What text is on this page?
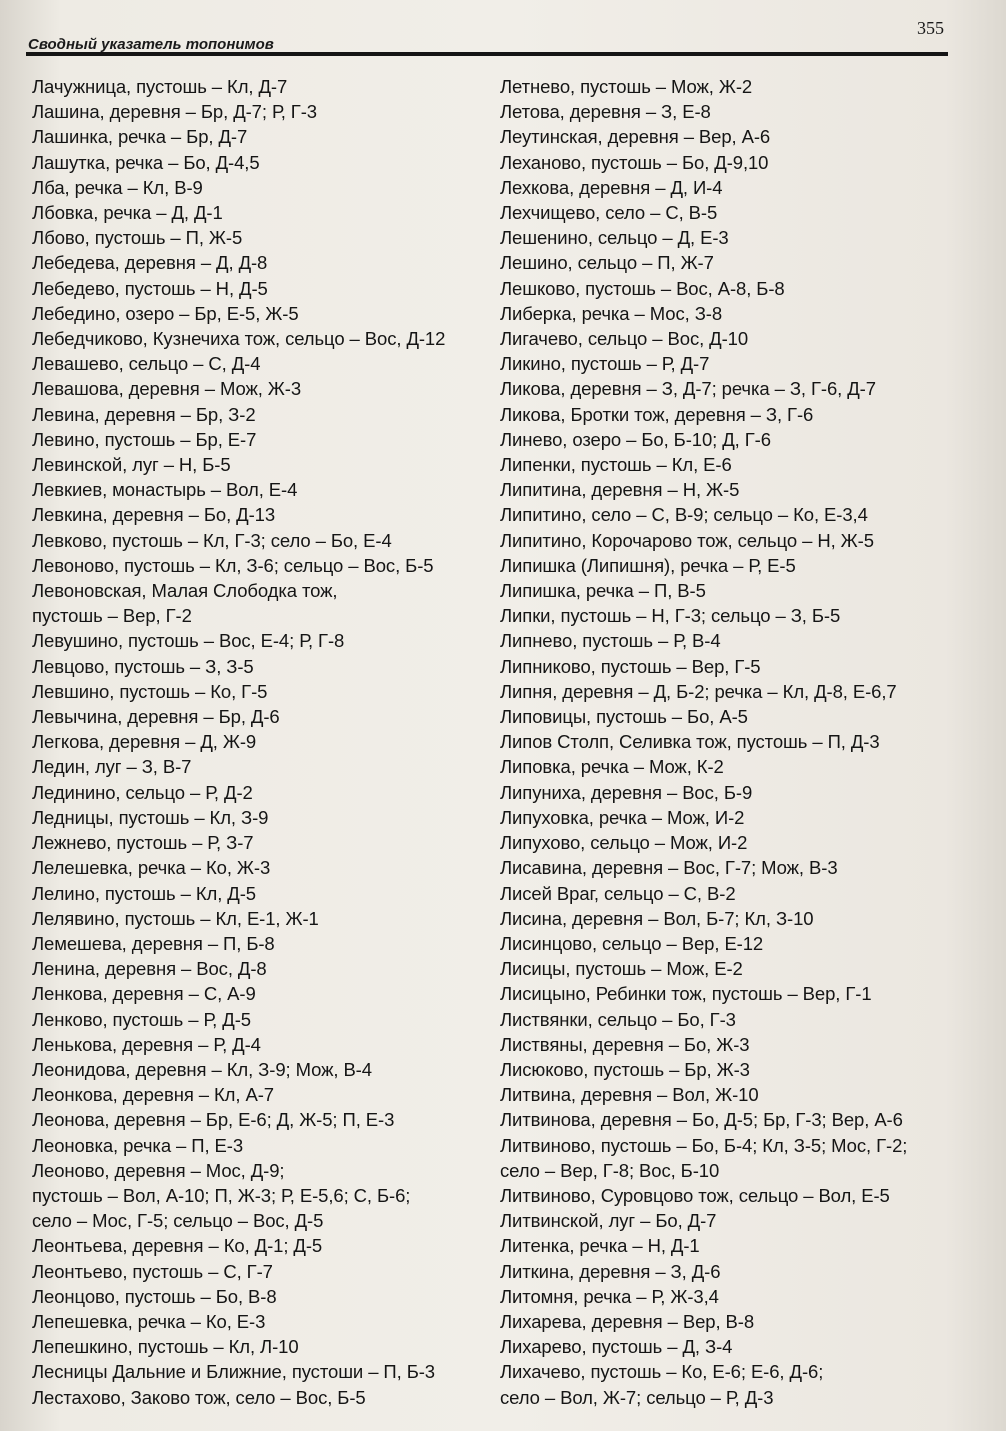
Сводный указатель топонимов
355
Лачужница, пустошь – Кл, Д-7
Лашина, деревня – Бр, Д-7; Р, Г-3
Лашинка, речка – Бр, Д-7
Лашутка, речка – Бо, Д-4,5
Лба, речка – Кл, В-9
Лбовка, речка – Д, Д-1
Лбово, пустошь – П, Ж-5
Лебедева, деревня – Д, Д-8
Лебедево, пустошь – Н, Д-5
Лебедино, озеро – Бр, Е-5, Ж-5
Лебедчиково, Кузнечиха тож, сельцо – Вос, Д-12
Левашево, сельцо – С, Д-4
Левашова, деревня – Мож, Ж-3
Левина, деревня – Бр, З-2
Левино, пустошь – Бр, Е-7
Левинской, луг – Н, Б-5
Левкиев, монастырь – Вол, Е-4
Левкина, деревня – Бо, Д-13
Левково, пустошь – Кл, Г-3; село – Бо, Е-4
Левоново, пустошь – Кл, З-6; сельцо – Вос, Б-5
Левоновская, Малая Слободка тож,
пустошь – Вер, Г-2
Левушино, пустошь – Вос, Е-4; Р, Г-8
Левцово, пустошь – З, З-5
Левшино, пустошь – Ко, Г-5
Левычина, деревня – Бр, Д-6
Легкова, деревня – Д, Ж-9
Ледин, луг – З, В-7
Лединино, сельцо – Р, Д-2
Ледницы, пустошь – Кл, З-9
Лежнево, пустошь – Р, З-7
Лелешевка, речка – Ко, Ж-3
Лелино, пустошь – Кл, Д-5
Лелявино, пустошь – Кл, Е-1, Ж-1
Лемешева, деревня – П, Б-8
Ленина, деревня – Вос, Д-8
Ленкова, деревня – С, А-9
Ленково, пустошь – Р, Д-5
Ленькова, деревня – Р, Д-4
Леонидова, деревня – Кл, З-9; Мож, В-4
Леонкова, деревня – Кл, А-7
Леонова, деревня – Бр, Е-6; Д, Ж-5; П, Е-3
Леоновка, речка – П, Е-3
Леоново, деревня – Мос, Д-9;
пустошь – Вол, А-10; П, Ж-3; Р, Е-5,6; С, Б-6;
село – Мос, Г-5; сельцо – Вос, Д-5
Леонтьева, деревня – Ко, Д-1; Д-5
Леонтьево, пустошь – С, Г-7
Леонцово, пустошь – Бо, В-8
Лепешевка, речка – Ко, Е-3
Лепешкино, пустошь – Кл, Л-10
Лесницы Дальние и Ближние, пустоши – П, Б-3
Лестахово, Заково тож, село – Вос, Б-5
Летнево, пустошь – Мож, Ж-2
Летова, деревня – З, Е-8
Леутинская, деревня – Вер, А-6
Леханово, пустошь – Бо, Д-9,10
Лехкова, деревня – Д, И-4
Лехчищево, село – С, В-5
Лешенино, сельцо – Д, Е-3
Лешино, сельцо – П, Ж-7
Лешково, пустошь – Вос, А-8, Б-8
Либерка, речка – Мос, З-8
Лигачево, сельцо – Вос, Д-10
Ликино, пустошь – Р, Д-7
Ликова, деревня – З, Д-7; речка – З, Г-6, Д-7
Ликова, Бротки тож, деревня – З, Г-6
Линево, озеро – Бо, Б-10; Д, Г-6
Липенки, пустошь – Кл, Е-6
Липитина, деревня – Н, Ж-5
Липитино, село – С, В-9; сельцо – Ко, Е-3,4
Липитино, Корочарово тож, сельцо – Н, Ж-5
Липишка (Липишня), речка – Р, Е-5
Липишка, речка – П, В-5
Липки, пустошь – Н, Г-3; сельцо – З, Б-5
Липнево, пустошь – Р, В-4
Липниково, пустошь – Вер, Г-5
Липня, деревня – Д, Б-2; речка – Кл, Д-8, Е-6,7
Липовицы, пустошь – Бо, А-5
Липов Столп, Селивка тож, пустошь – П, Д-3
Липовка, речка – Мож, К-2
Липуниха, деревня – Вос, Б-9
Липуховка, речка – Мож, И-2
Липухово, сельцо – Мож, И-2
Лисавина, деревня – Вос, Г-7; Мож, В-3
Лисей Враг, сельцо – С, В-2
Лисина, деревня – Вол, Б-7; Кл, З-10
Лисинцово, сельцо – Вер, Е-12
Лисицы, пустошь – Мож, Е-2
Лисицыно, Ребинки тож, пустошь – Вер, Г-1
Листвянки, сельцо – Бо, Г-3
Листвяны, деревня – Бо, Ж-3
Лисюково, пустошь – Бр, Ж-3
Литвина, деревня – Вол, Ж-10
Литвинова, деревня – Бо, Д-5; Бр, Г-3; Вер, А-6
Литвиново, пустошь – Бо, Б-4; Кл, З-5; Мос, Г-2;
село – Вер, Г-8; Вос, Б-10
Литвиново, Суровцово тож, сельцо – Вол, Е-5
Литвинской, луг – Бо, Д-7
Литенка, речка – Н, Д-1
Литкина, деревня – З, Д-6
Литомня, речка – Р, Ж-3,4
Лихарева, деревня – Вер, В-8
Лихарево, пустошь – Д, З-4
Лихачево, пустошь – Ко, Е-6; Е-6, Д-6;
село – Вол, Ж-7; сельцо – Р, Д-3
